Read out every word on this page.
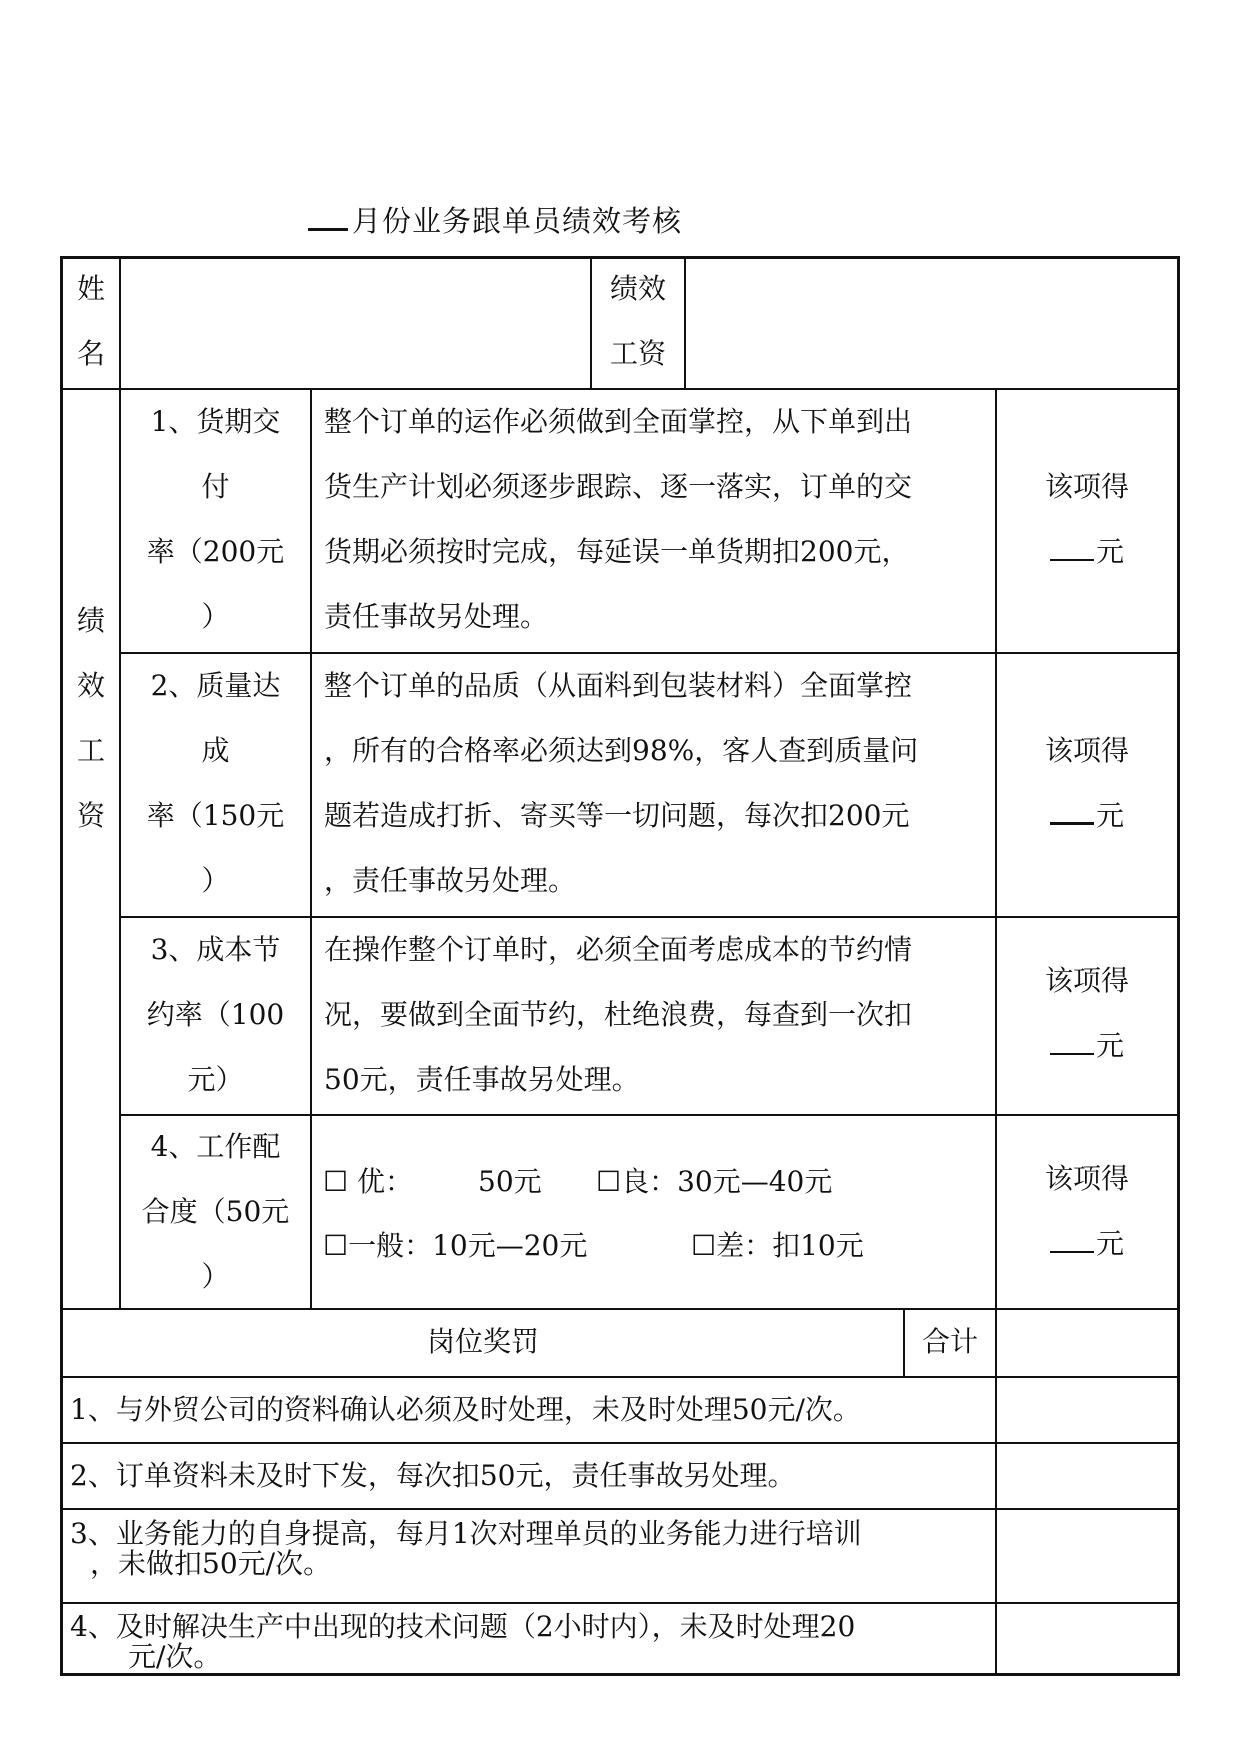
月份业务跟单员绩效考核
姓
名
绩效
工资
绩
效
工
资
1、货期交
付
率（200元
）
整个订单的运作必须做到全面掌控，从下单到出
货生产计划必须逐步跟踪、逐一落实，订单的交
货期必须按时完成，每延误一单货期扣200元，
责任事故另处理。
该项得
元
2、质量达
成
率（150元
）
整个订单的品质（从面料到包装材料）全面掌控
，所有的合格率必须达到98%，客人查到质量问
题若造成打折、寄买等一切问题，每次扣200元
，责任事故另处理。
该项得
元
3、成本节
约率（100
元）
在操作整个订单时，必须全面考虑成本的节约情
况，要做到全面节约，杜绝浪费，每查到一次扣
50元，责任事故另处理。
该项得
元
4、工作配
合度（50元
）
☐ 优： 50元 ☐良：30元—40元
☐一般：10元—20元	☐差：扣10元
该项得
元
岗位奖罚	合计
1、与外贸公司的资料确认必须及时处理，未及时处理50元/次。
2、订单资料未及时下发，每次扣50元，责任事故另处理。
3、业务能力的自身提高，每月1次对理单员的业务能力进行培训
，未做扣50元/次。
4、及时解决生产中出现的技术问题（2小时内），未及时处理20
元/次。
